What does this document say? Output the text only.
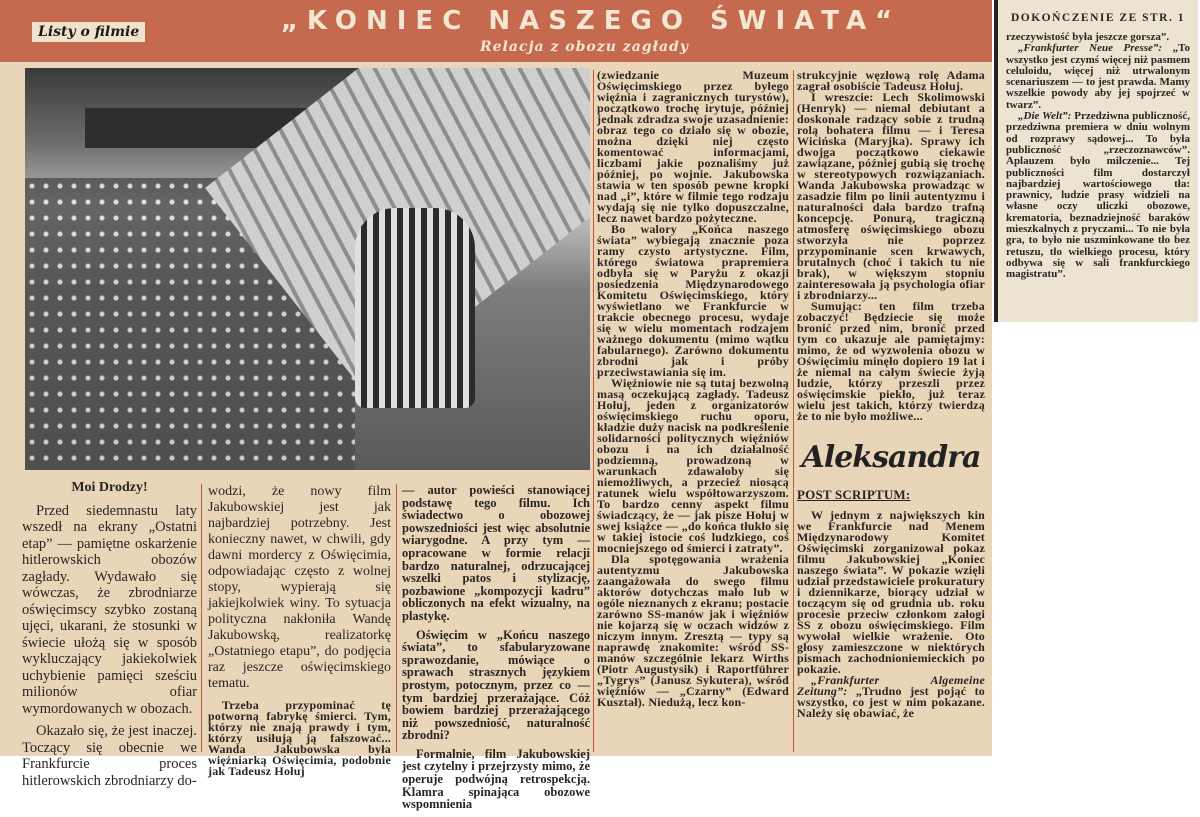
Listy o filmie	„KONIEC NASZEGO ŚWIATA“
Relacja z obozu zagłady
Moi Drodzy!

Przed siedemnastu laty wszedł na ekrany „Ostatni etap” — pamiętne oskarżenie hitlerowskich obozów zagłady. Wydawało się wówczas, że zbrodniarze oświęcimscy szybko zostaną ujęci, ukarani, że stosunki w świecie ułożą się w sposób wykluczający jakiekolwiek uchybienie pamięci sześciu milionów ofiar wymordowanych w obozach.

Okazało się, że jest inaczej. Toczący się obecnie we Frankfurcie proces hitlerowskich zbrodniarzy do-

wodzi, że nowy film Jakubowskiej jest jak najbardziej potrzebny. Jest konieczny nawet, w chwili, gdy dawni mordercy z Oświęcimia, odpowiadając często z wolnej stopy, wypierają się jakiejkolwiek winy. To sytuacja polityczna nakłoniła Wandę Jakubowską, realizatorkę „Ostatniego etapu”, do podjęcia raz jeszcze oświęcimskiego tematu.

Trzeba przypominać tę potworną fabrykę śmierci. Tym, którzy nie znają prawdy i tym, którzy usiłują ją fałszować... Wanda Jakubowska była więźniarką Oświęcimia, podobnie jak Tadeusz Hołuj

— autor powieści stanowiącej podstawę tego filmu. Ich świadectwo o obozowej powszedniości jest więc absolutnie wiarygodne. A przy tym — opracowane w formie relacji bardzo naturalnej, odrzucającej wszelki patos i stylizację, pozbawione „kompozycji kadru” obliczonych na efekt wizualny, na plastykę.

Oświęcim w „Końcu naszego świata”, to sfabularyzowane sprawozdanie, mówiące o sprawach strasznych językiem prostym, potocznym, przez co — tym bardziej przerażające. Cóż bowiem bardziej przerażającego niż powszedniość, naturalność zbrodni?

Formalnie, film Jakubowskiej jest czytelny i przejrzysty mimo, że operuje podwójną retrospekcją. Klamra spinająca obozowe wspomnienia

(zwiedzanie Muzeum Oświęcimskiego przez byłego więźnia i zagranicznych turystów), początkowo trochę irytuje, później jednak zdradza swoje uzasadnienie: obraz tego co działo się w obozie, można dzięki niej często komentować informacjami, liczbami jakie poznaliśmy już później, po wojnie. Jakubowska stawia w ten sposób pewne kropki nad „i”, które w filmie tego rodzaju wydają się nie tylko dopuszczalne, lecz nawet bardzo pożyteczne.

Bo walory „Końca naszego świata” wybiegają znacznie poza ramy czysto artystyczne. Film, którego światowa prapremiera odbyła się w Paryżu z okazji posiedzenia Międzynarodowego Komitetu Oświęcimskiego, który wyświetlano we Frankfurcie w trakcie obecnego procesu, wydaje się w wielu momentach rodzajem ważnego dokumentu (mimo wątku fabularnego). Zarówno dokumentu zbrodni jak i próby przeciwstawiania się im.

Więźniowie nie są tutaj bezwolną masą oczekującą zagłady. Tadeusz Hołuj, jeden z organizatorów oświęcimskiego ruchu oporu, kładzie duży nacisk na podkreślenie solidarności politycznych więźniów obozu i na ich działalność podziemną, prowadzoną w warunkach zdawałoby się niemożliwych, a przecież niosącą ratunek wielu współtowarzyszom. To bardzo cenny aspekt filmu świadczący, że — jak pisze Hołuj w swej książce — „do końca tłukło się w takiej istocie coś ludzkiego, coś mocniejszego od śmierci i zatraty”.

Dla spotęgowania wrażenia autentyzmu Jakubowska zaangażowała do swego filmu aktorów dotychczas mało lub w ogóle nieznanych z ekranu; postacie zarówno SS-manów jak i więźniów nie kojarzą się w oczach widzów z niczym innym. Zresztą — typy są naprawdę znakomite: wśród SS-manów szczególnie lekarz Wirths (Piotr Augustysik) i Raportführer „Tygrys” (Janusz Sykutera), wśród więźniów — „Czarny” (Edward Kuształ). Niedużą, lecz kon-

strukcyjnie węzłową rolę Adama zagrał osobiście Tadeusz Hołuj.

I wreszcie: Lech Skolimowski (Henryk) — niemal debiutant a doskonale radzący sobie z trudną rolą bohatera filmu — i Teresa Wicińska (Maryjka). Sprawy ich dwojga początkowo ciekawie zawiązane, później gubią się trochę w stereotypowych rozwiązaniach. Wanda Jakubowska prowadząc w zasadzie film po linii autentyzmu i naturalności dała bardzo trafną koncepcję. Ponurą, tragiczną atmosferę oświęcimskiego obozu stworzyła nie poprzez przypominanie scen krwawych, brutalnych (choć i takich tu nie brak), w większym stopniu zainteresowała ją psychologia ofiar i zbrodniarzy...

Sumując: ten film trzeba zobaczyć! Będziecie się może bronić przed nim, bronić przed tym co ukazuje ale pamiętajmy: mimo, że od wyzwolenia obozu w Oświęcimiu minęło dopiero 19 lat i że niemal na całym świecie żyją ludzie, którzy przeszli przez oświęcimskie piekło, już teraz wielu jest takich, którzy twierdzą że to nie było możliwe...

Aleksandra

POST SCRIPTUM:

W jednym z największych kin we Frankfurcie nad Menem Międzynarodowy Komitet Oświęcimski zorganizował pokaz filmu Jakubowskiej „Koniec naszego świata”. W pokazie wzięli udział przedstawiciele prokuratury i dziennikarze, biorący udział w toczącym się od grudnia ub. roku procesie przeciw członkom załogi SS z obozu oświęcimskiego. Film wywołał wielkie wrażenie. Oto głosy zamieszczone w niektórych pismach zachodnioniemieckich po pokazie.

„Frankfurter Algemeine Zeitung”: „Trudno jest pojąć to wszystko, co jest w nim pokazane. Należy się obawiać, że

DOKOŃCZENIE ZE STR. 1

rzeczywistość była jeszcze gorsza”.

„Frankfurter Neue Presse”: „To wszystko jest czymś więcej niż pasmem celuloidu, więcej niż utrwalonym scenariuszem — to jest prawda. Mamy wszelkie powody aby jej spojrzeć w twarz”.

„Die Welt”: Przedziwna publiczność, przedziwna premiera w dniu wolnym od rozprawy sądowej... To była publiczność „rzeczoznawców”. Aplauzem było milczenie... Tej publiczności film dostarczył najbardziej wartościowego tła: prawnicy, ludzie prasy widzieli na własne oczy uliczki obozowe, krematoria, beznadziejność baraków mieszkalnych z pryczami... To nie była gra, to było nie uszminkowane tło bez retuszu, tło wielkiego procesu, który odbywa się w sali frankfurckiego magistratu”.
